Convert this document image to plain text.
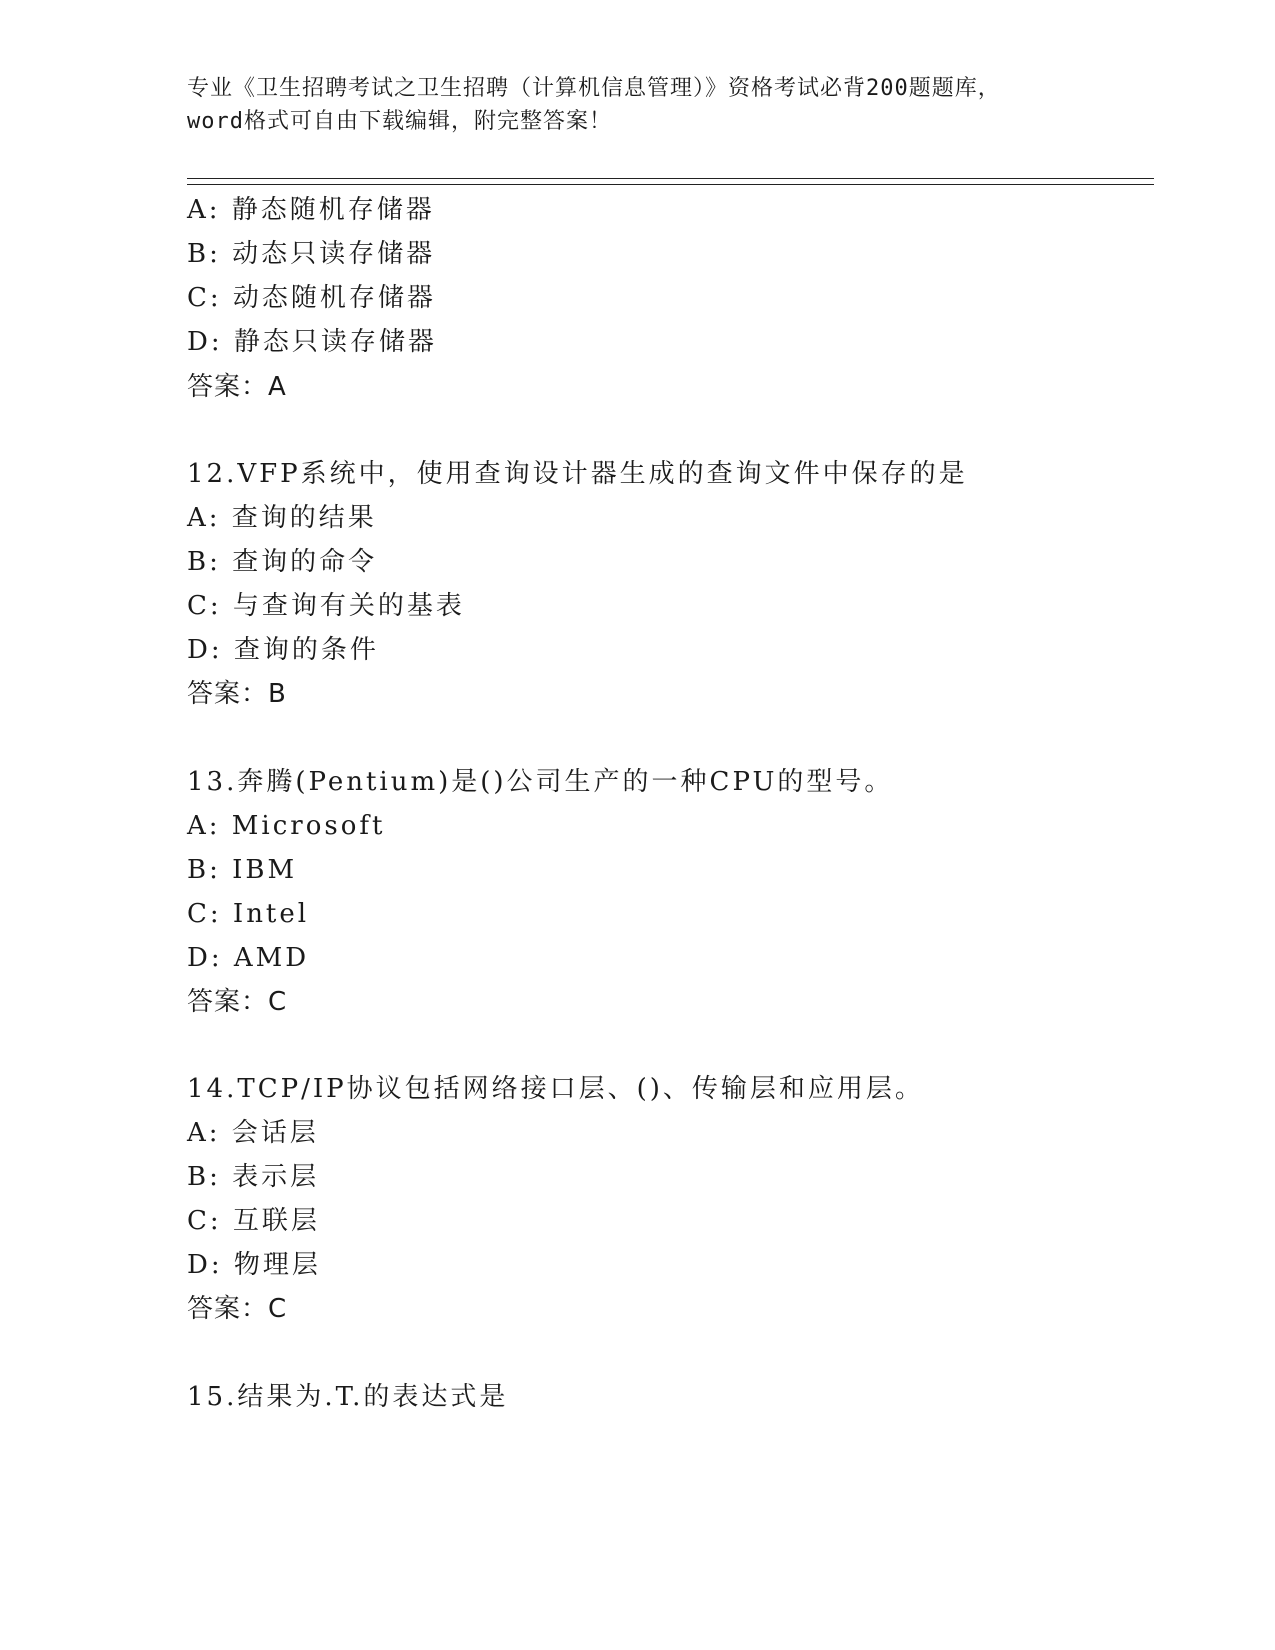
专业《卫生招聘考试之卫生招聘（计算机信息管理）》资格考试必背200题题库，
word格式可自由下载编辑，附完整答案！
A: 静态随机存储器
B: 动态只读存储器
C: 动态随机存储器
D: 静态只读存储器
答案：A
12.VFP系统中，使用查询设计器生成的查询文件中保存的是
A: 查询的结果
B: 查询的命令
C: 与查询有关的基表
D: 查询的条件
答案：B
13.奔腾(Pentium)是()公司生产的一种CPU的型号。
A: Microsoft
B: IBM
C: Intel
D: AMD
答案：C
14.TCP/IP协议包括网络接口层、()、传输层和应用层。
A: 会话层
B: 表示层
C: 互联层
D: 物理层
答案：C
15.结果为.T.的表达式是
